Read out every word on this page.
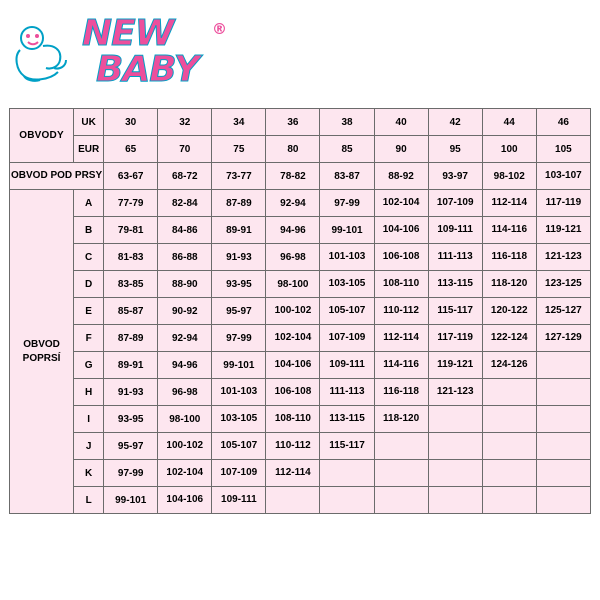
NEW
BABY
®
OBVODY	UK	30	32	34	36	38	40	42	44	46
	EUR	65	70	75	80	85	90	95	100	105
OBVOD POD PRSY		63-67	68-72	73-77	78-82	83-87	88-92	93-97	98-102	103-107
OBVOD POPRSÍ	A	77-79	82-84	87-89	92-94	97-99	102-104	107-109	112-114	117-119
	B	79-81	84-86	89-91	94-96	99-101	104-106	109-111	114-116	119-121
	C	81-83	86-88	91-93	96-98	101-103	106-108	111-113	116-118	121-123
	D	83-85	88-90	93-95	98-100	103-105	108-110	113-115	118-120	123-125
	E	85-87	90-92	95-97	100-102	105-107	110-112	115-117	120-122	125-127
	F	87-89	92-94	97-99	102-104	107-109	112-114	117-119	122-124	127-129
	G	89-91	94-96	99-101	104-106	109-111	114-116	119-121	124-126	
	H	91-93	96-98	101-103	106-108	111-113	116-118	121-123		
	I	93-95	98-100	103-105	108-110	113-115	118-120			
	J	95-97	100-102	105-107	110-112	115-117				
	K	97-99	102-104	107-109	112-114					
	L	99-101	104-106	109-111						
